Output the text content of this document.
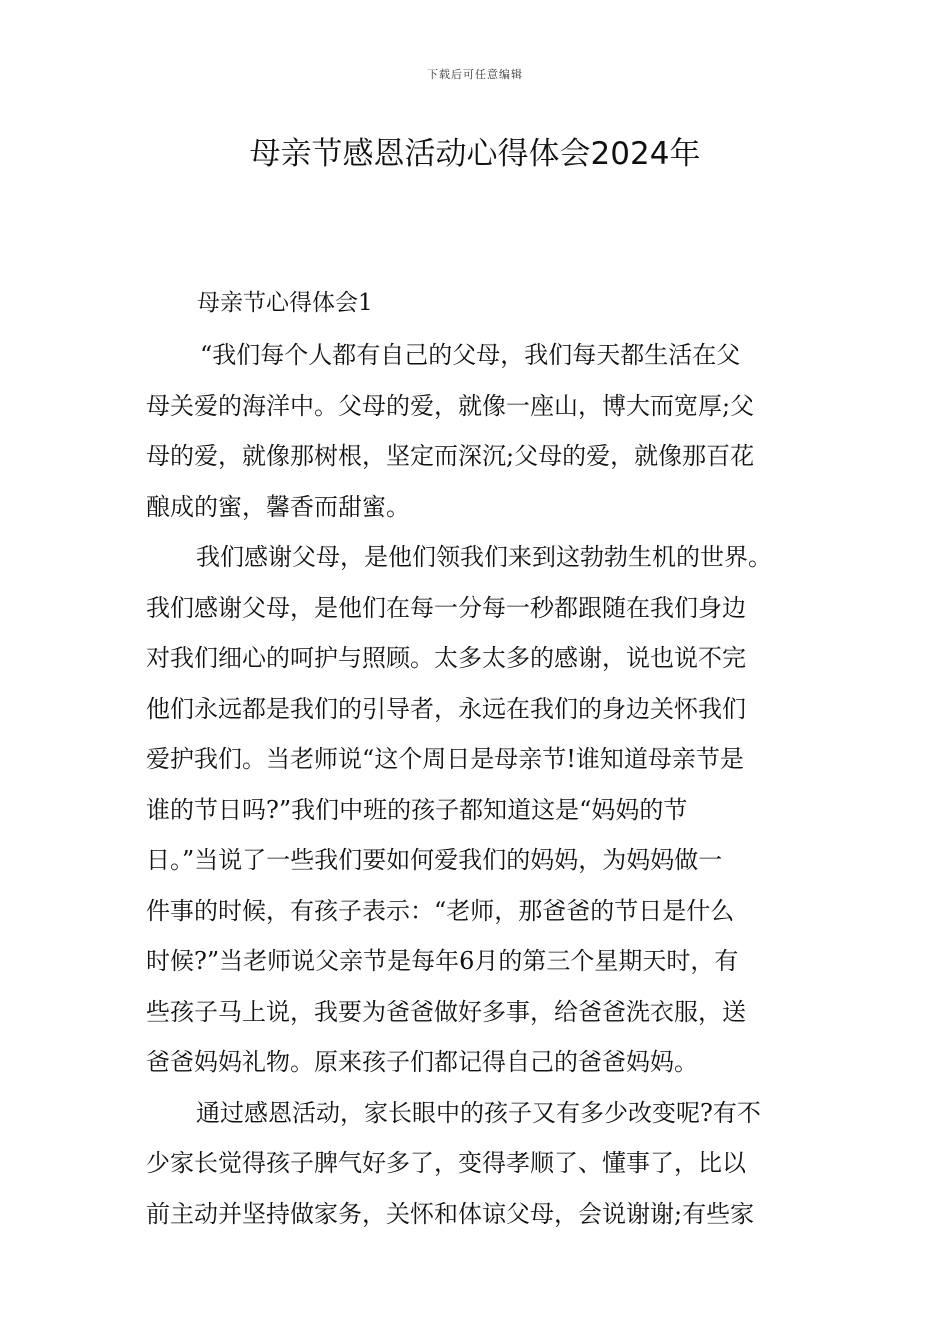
下载后可任意编辑
母亲节感恩活动心得体会2024年
母亲节心得体会1
“我们每个人都有自己的父母，我们每天都生活在父
母关爱的海洋中。父母的爱，就像一座山，博大而宽厚;父
母的爱，就像那树根，坚定而深沉;父母的爱，就像那百花
酿成的蜜，馨香而甜蜜。
我们感谢父母，是他们领我们来到这勃勃生机的世界。
我们感谢父母，是他们在每一分每一秒都跟随在我们身边
对我们细心的呵护与照顾。太多太多的感谢，说也说不完
他们永远都是我们的引导者，永远在我们的身边关怀我们
爱护我们。当老师说“这个周日是母亲节!谁知道母亲节是
谁的节日吗?”我们中班的孩子都知道这是“妈妈的节
日。”当说了一些我们要如何爱我们的妈妈，为妈妈做一
件事的时候，有孩子表示：“老师，那爸爸的节日是什么
时候?”当老师说父亲节是每年6月的第三个星期天时，有
些孩子马上说，我要为爸爸做好多事，给爸爸洗衣服，送
爸爸妈妈礼物。原来孩子们都记得自己的爸爸妈妈。
通过感恩活动，家长眼中的孩子又有多少改变呢?有不
少家长觉得孩子脾气好多了，变得孝顺了、懂事了，比以
前主动并坚持做家务，关怀和体谅父母，会说谢谢;有些家
